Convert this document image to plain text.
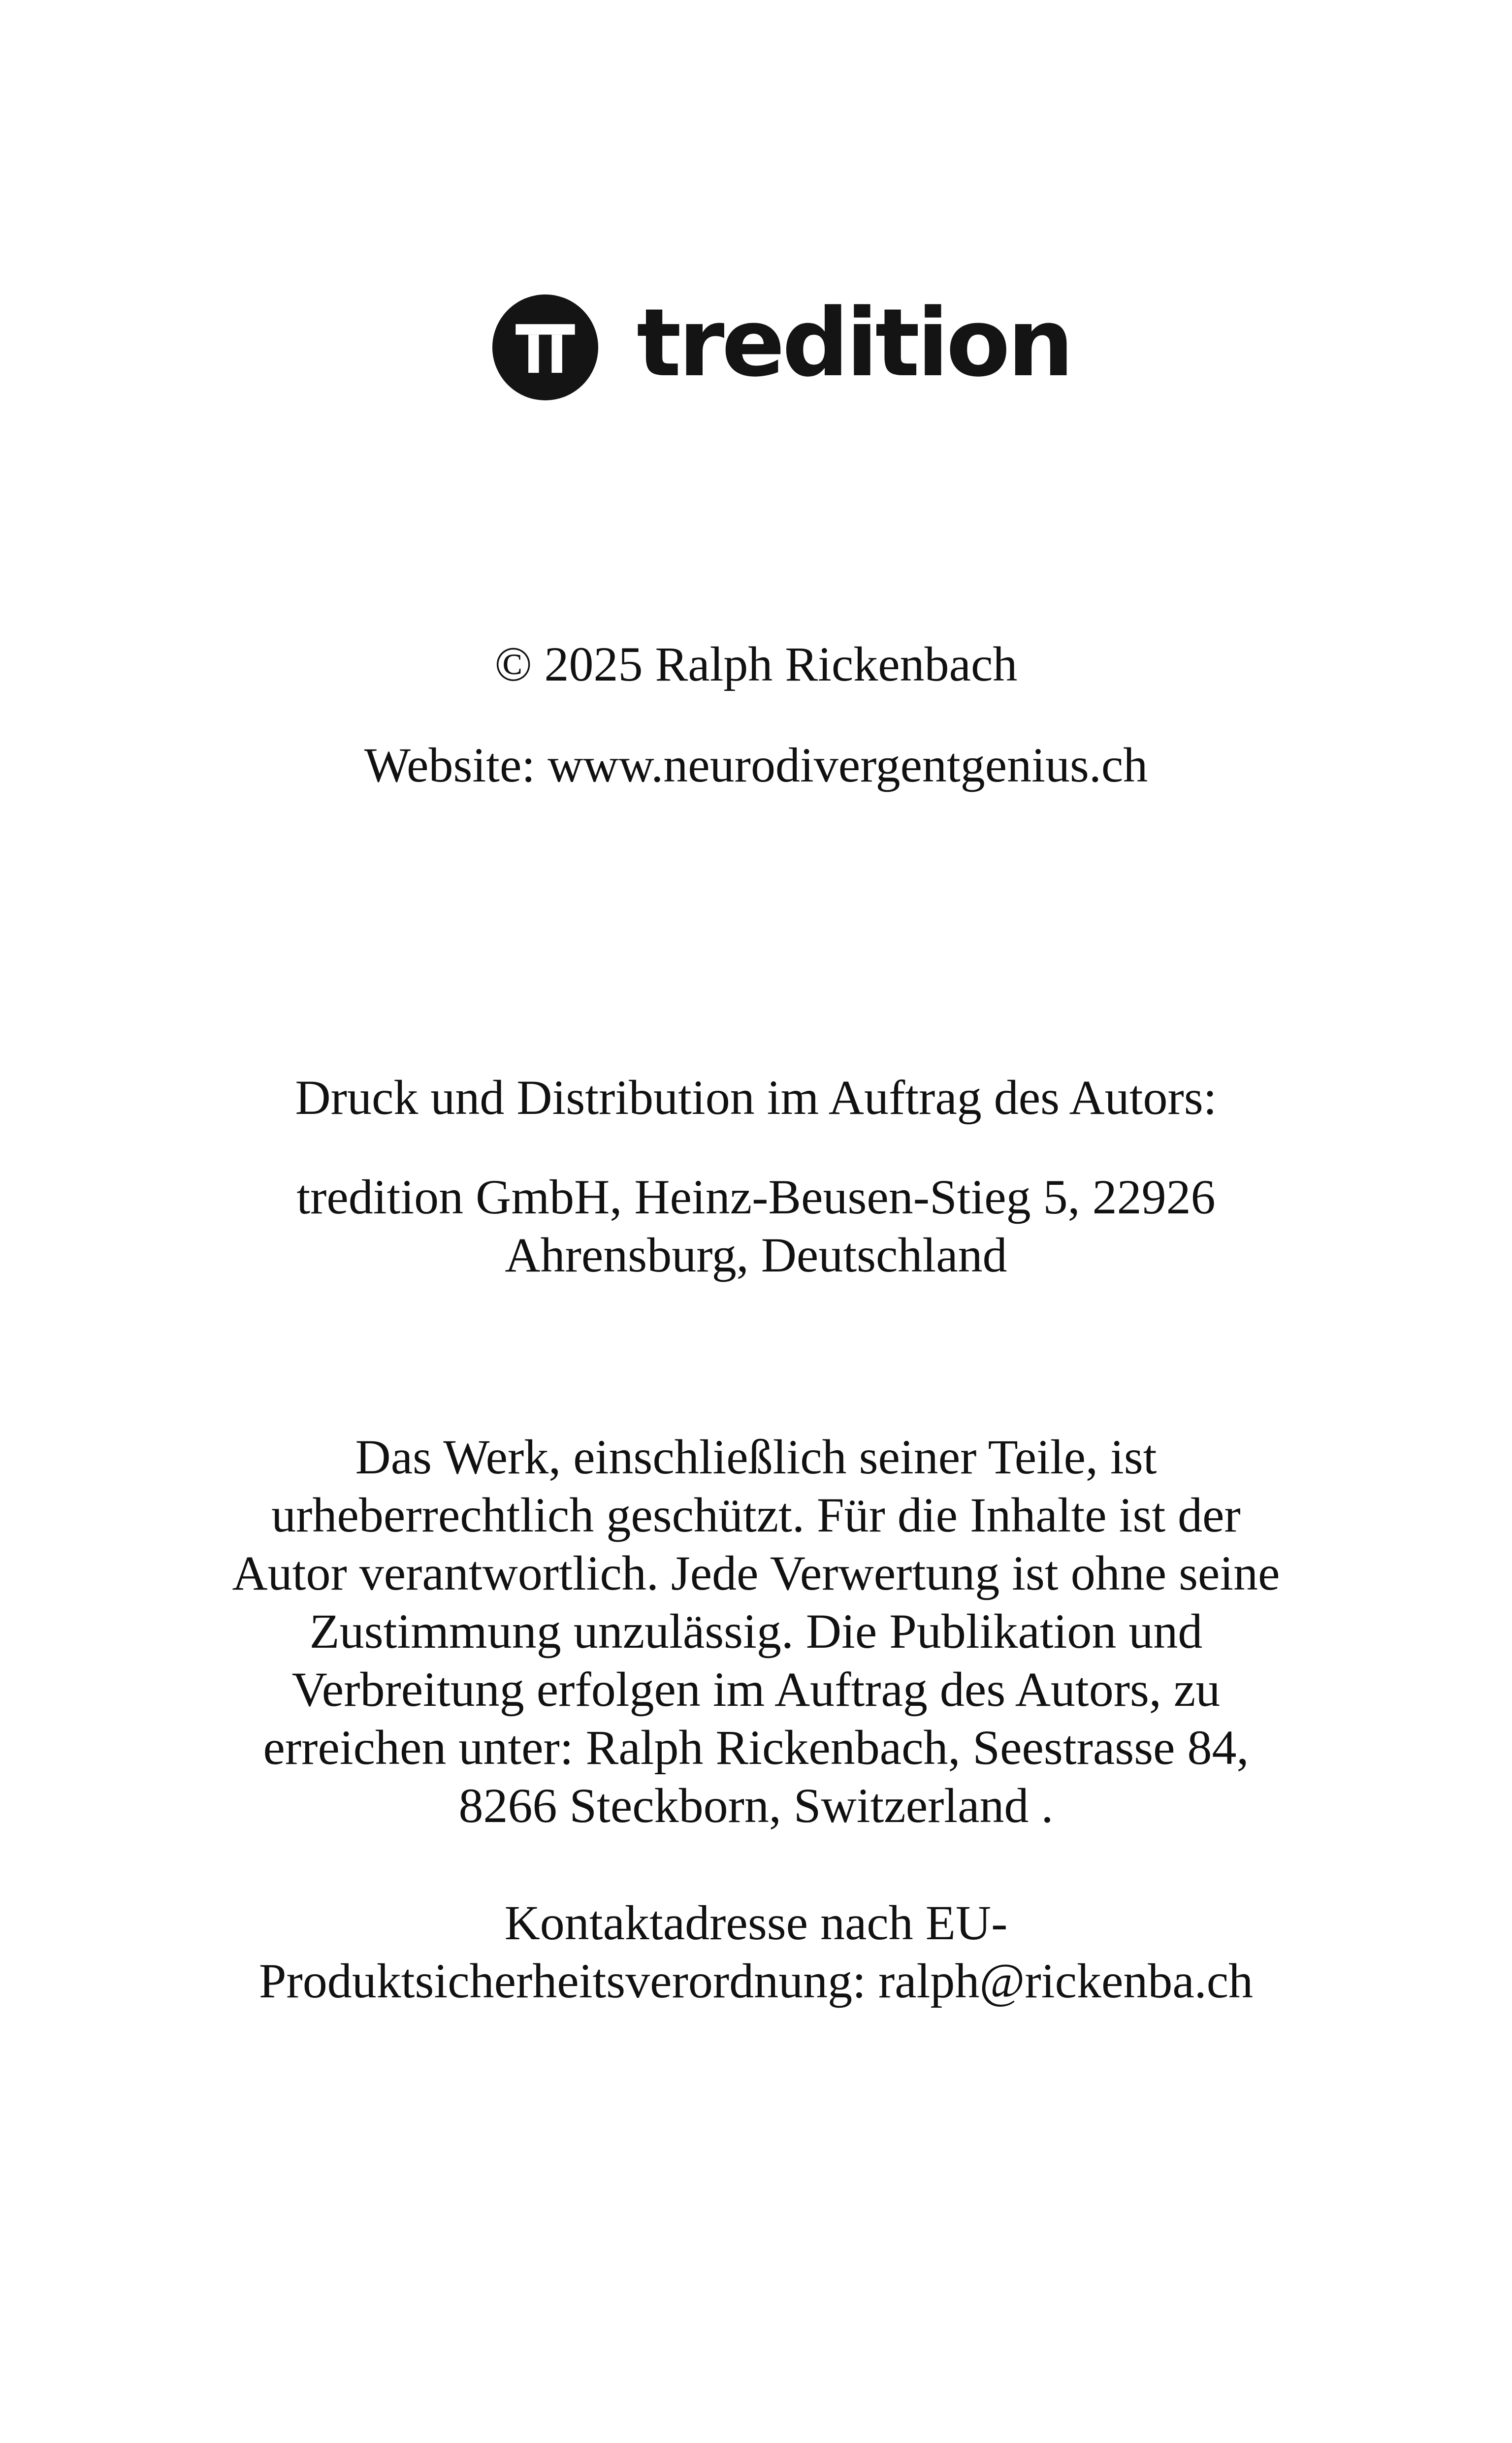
tredition

© 2025 Ralph Rickenbach

Website: www.neurodivergentgenius.ch

Druck und Distribution im Auftrag des Autors:

tredition GmbH, Heinz-Beusen-Stieg 5, 22926 Ahrensburg, Deutschland

Das Werk, einschließlich seiner Teile, ist urheberrechtlich geschützt. Für die Inhalte ist der Autor verantwortlich. Jede Verwertung ist ohne seine Zustimmung unzulässig. Die Publikation und Verbreitung erfolgen im Auftrag des Autors, zu erreichen unter: Ralph Rickenbach, Seestrasse 84, 8266 Steckborn, Switzerland .

Kontaktadresse nach EU-Produktsicherheitsverordnung: ralph@rickenba.ch
